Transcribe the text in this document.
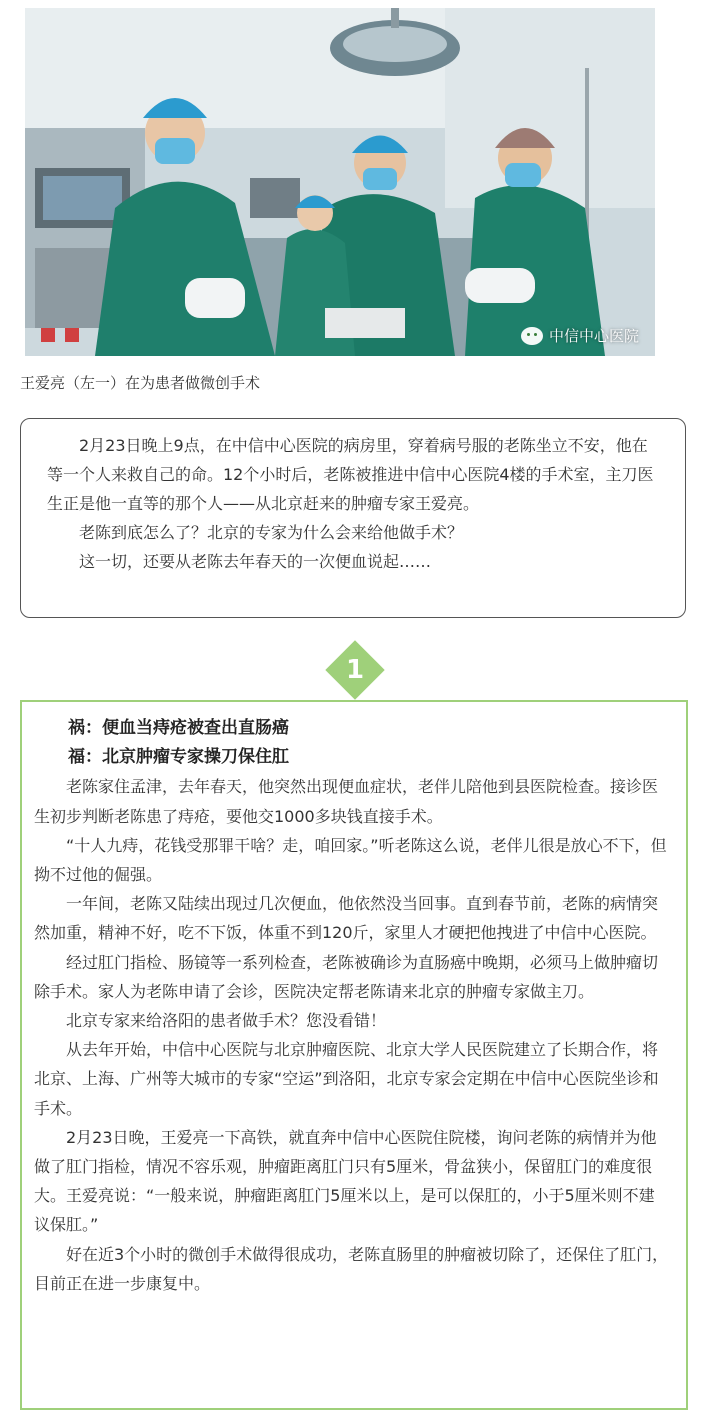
中信中心医院
王爱亮（左一）在为患者做微创手术

2月23日晚上9点，在中信中心医院的病房里，穿着病号服的老陈坐立不安，他在等一个人来救自己的命。12个小时后，老陈被推进中信中心医院4楼的手术室，主刀医生正是他一直等的那个人——从北京赶来的肿瘤专家王爱亮。

老陈到底怎么了？北京的专家为什么会来给他做手术？

这一切，还要从老陈去年春天的一次便血说起……

1

祸：便血当痔疮被查出直肠癌

福：北京肿瘤专家操刀保住肛

老陈家住孟津，去年春天，他突然出现便血症状，老伴儿陪他到县医院检查。接诊医生初步判断老陈患了痔疮，要他交1000多块钱直接手术。

“十人九痔，花钱受那罪干啥？走，咱回家。”听老陈这么说，老伴儿很是放心不下，但拗不过他的倔强。

一年间，老陈又陆续出现过几次便血，他依然没当回事。直到春节前，老陈的病情突然加重，精神不好，吃不下饭，体重不到120斤，家里人才硬把他拽进了中信中心医院。

经过肛门指检、肠镜等一系列检查，老陈被确诊为直肠癌中晚期，必须马上做肿瘤切除手术。家人为老陈申请了会诊，医院决定帮老陈请来北京的肿瘤专家做主刀。

北京专家来给洛阳的患者做手术？您没看错！

从去年开始，中信中心医院与北京肿瘤医院、北京大学人民医院建立了长期合作，将北京、上海、广州等大城市的专家“空运”到洛阳，北京专家会定期在中信中心医院坐诊和手术。

2月23日晚，王爱亮一下高铁，就直奔中信中心医院住院楼，询问老陈的病情并为他做了肛门指检，情况不容乐观，肿瘤距离肛门只有5厘米，骨盆狭小，保留肛门的难度很大。王爱亮说：“一般来说，肿瘤距离肛门5厘米以上，是可以保肛的，小于5厘米则不建议保肛。”

好在近3个小时的微创手术做得很成功，老陈直肠里的肿瘤被切除了，还保住了肛门，目前正在进一步康复中。
